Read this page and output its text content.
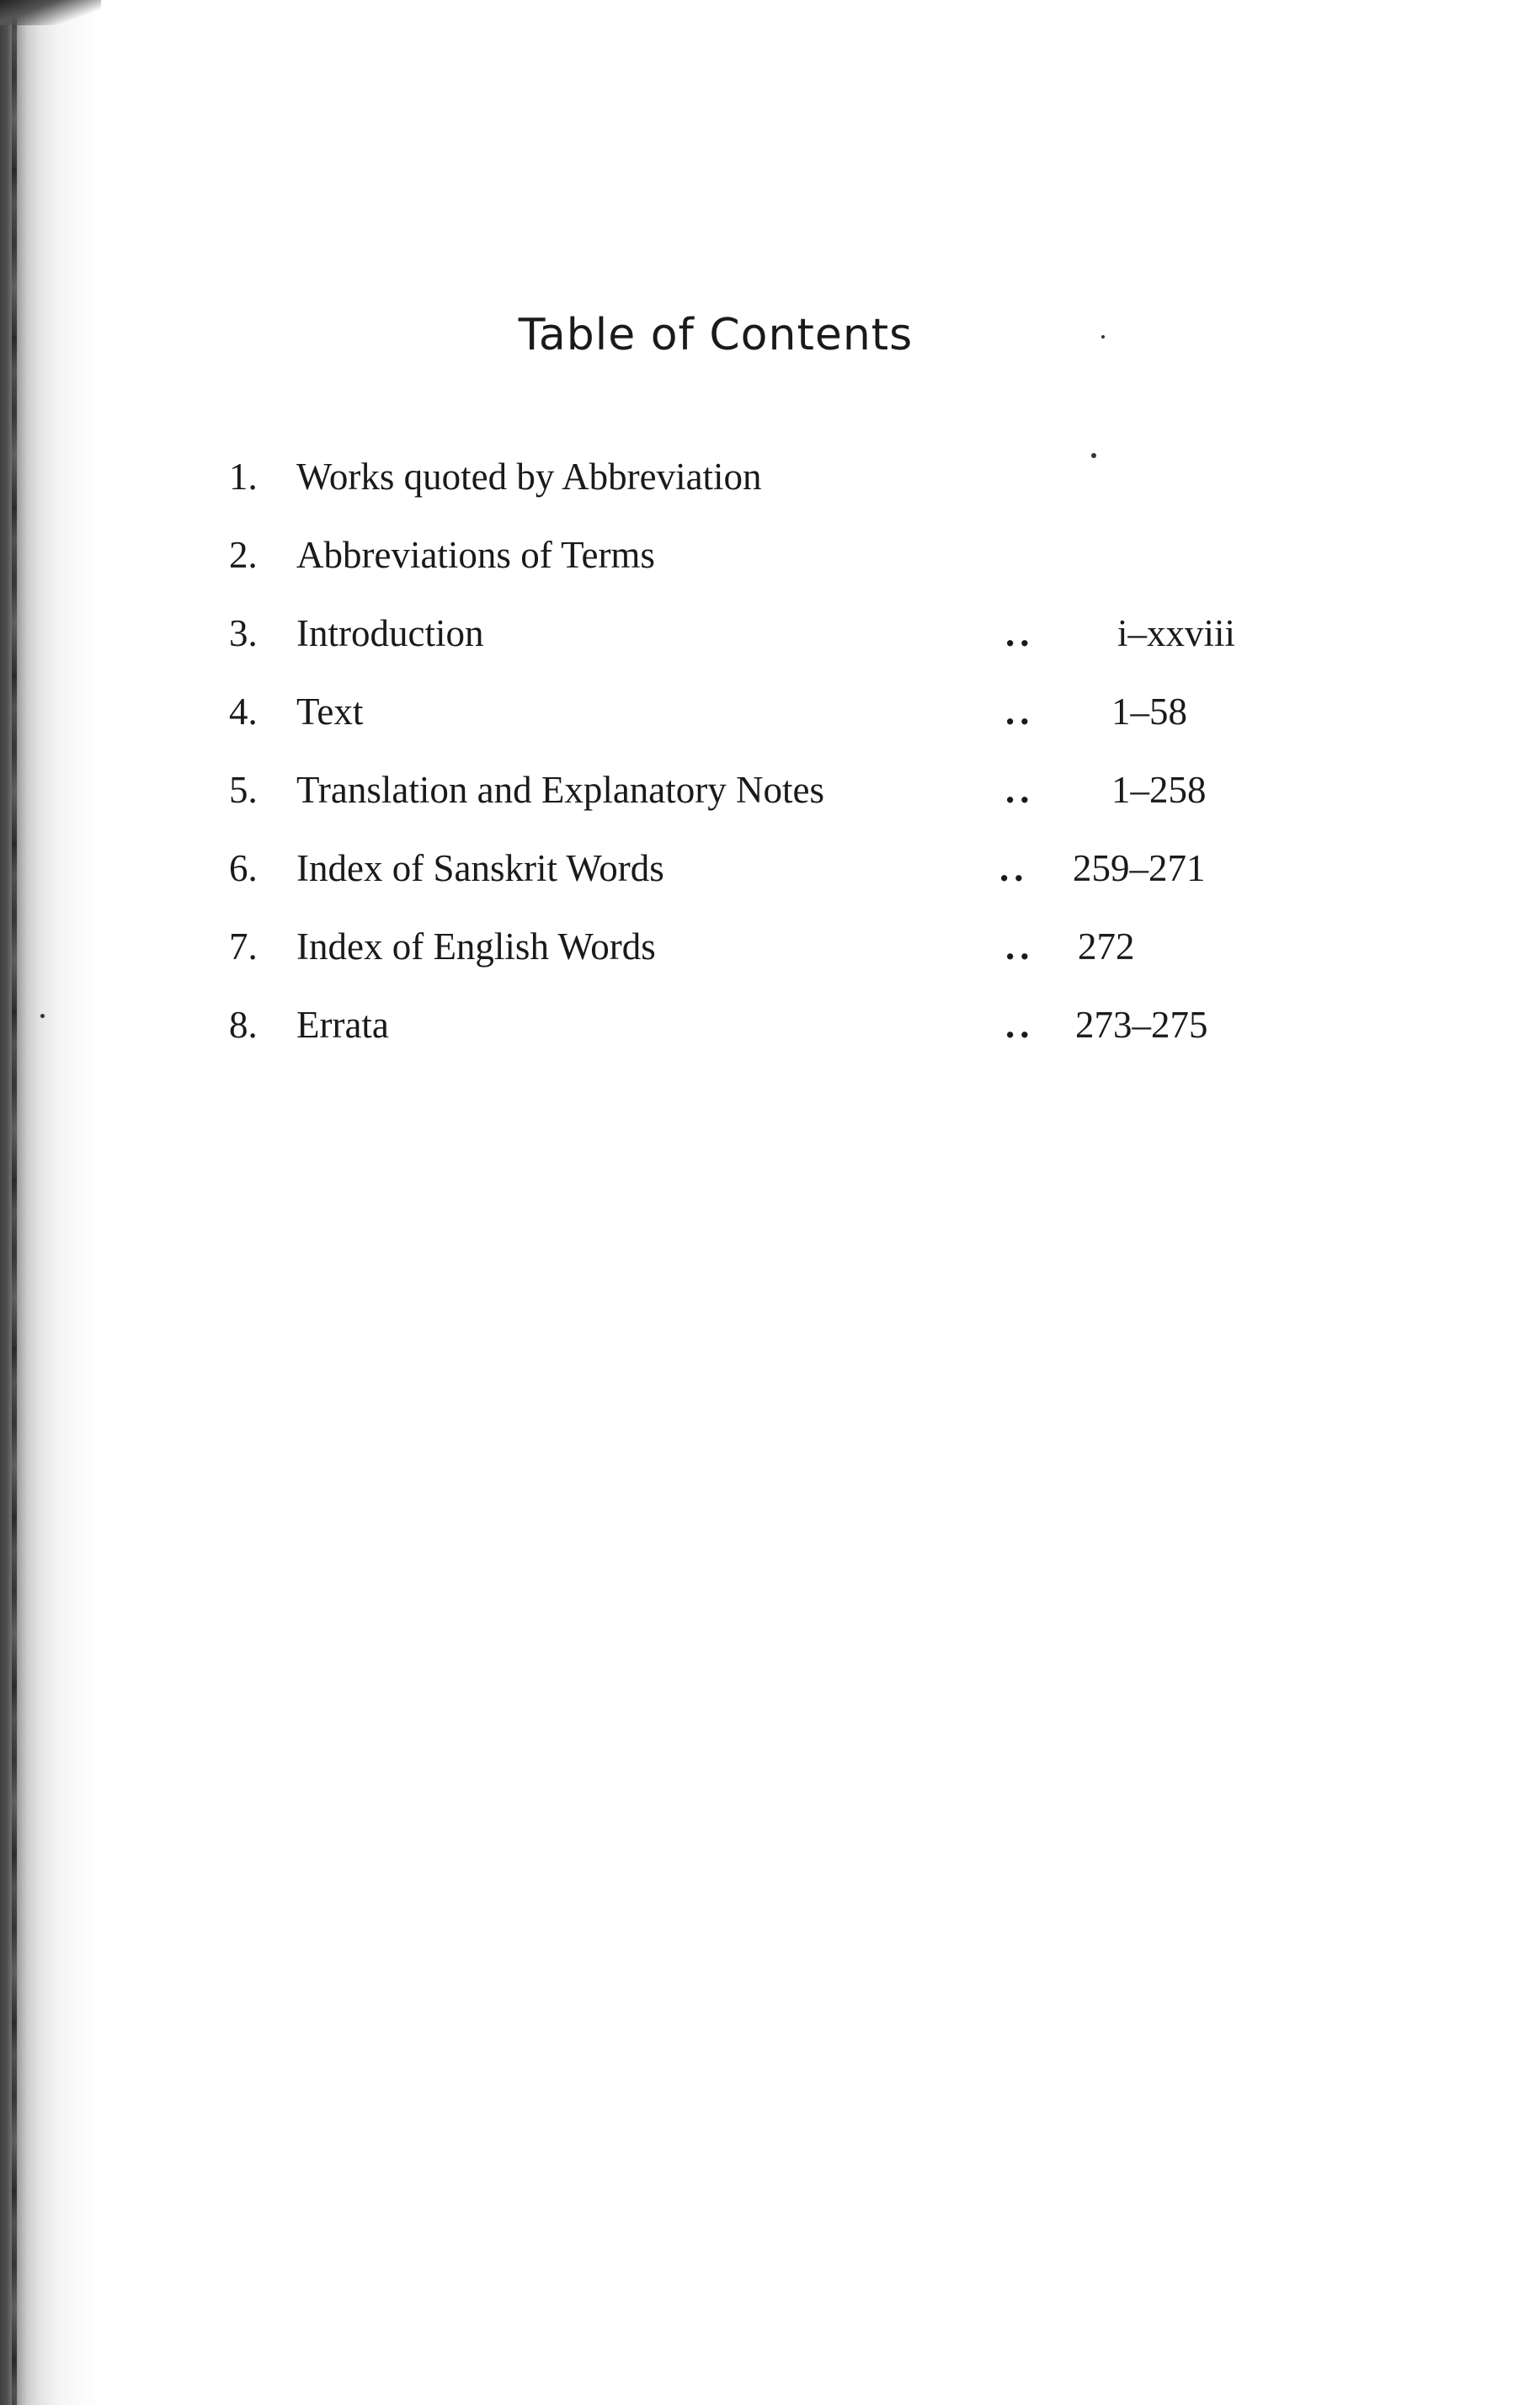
Table of Contents
1.	Works quoted by Abbreviation
2.	Abbreviations of Terms
3.	Introduction	.. i–xxviii
4.	Text	.. 1–58
5.	Translation and Explanatory Notes	.. 1–258
6.	Index of Sanskrit Words	.. 259–271
7.	Index of English Words	.. 272
8.	Errata	.. 273–275
